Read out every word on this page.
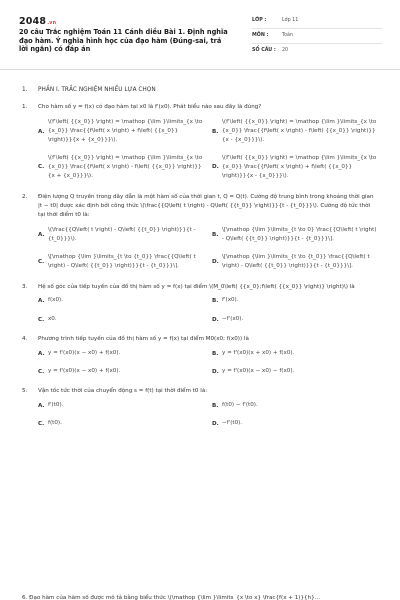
2048.vn
20 câu Trắc nghiệm Toán 11 Cánh diều Bài 1. Định nghĩa đạo hàm. Ý nghĩa hình học của đạo hàm (Đúng-sai, trả lời ngắn) có đáp án
LỚP :	Lớp 11
MÔN :	Toán
SỐ CÂU :	20
1. PHẦN I. TRẮC NGHIỆM NHIỀU LỰA CHỌN
1.	Cho hàm số y = f(x) có đạo hàm tại x0 là f'(x0). Phát biểu nào sau đây là đúng?
A.
\(f'\left( {{x_0}} \right) = \mathop {\lim }\limits_{x \to {x_0}} \frac{{f\left( x \right) + f\left( {{x_0}} \right)}}{x + {x_0}}}\).
B.
\(f'\left( {{x_0}} \right) = \mathop {\lim }\limits_{x \to {x_0}} \frac{{f\left( x \right) - f\left( {{x_0}} \right)}}{x - {x_0}}}\).
C.
\(f'\left( {{x_0}} \right) = \mathop {\lim }\limits_{x \to {x_0}} \frac{{f\left( x \right) - f\left( {{x_0}} \right)}}{x + {x_0}}}\).
D.
\(f'\left( {{x_0}} \right) = \mathop {\lim }\limits_{x \to {x_0}} \frac{{f\left( x \right) + f\left( {{x_0}} \right)}}{x - {x_0}}}\).
2.	Điện lượng Q truyền trong dây dẫn là một hàm số của thời gian t, Q = Q(t). Cường độ trung bình trong khoảng thời gian |t − t0| được xác định bởi công thức \(\frac{{Q\left( t \right) - Q\left( {{t_0}} \right)}}{t - {t_0}}}\). Cường độ tức thời tại thời điểm t0 là:
A.
\(\frac{{Q\left( t \right) - Q\left( {{t_0}} \right)}}{t - {t_0}}}\).
B.
\[\mathop {\lim }\limits_{t \to 0} \frac{{Q\left( t \right) - Q\left( {{t_0}} \right)}}{t - {t_0}}}\].
C.
\[\mathop {\lim }\limits_{t \to {t_0}} \frac{{Q\left( t \right) - Q\left( {{t_0}} \right)}}{t - {t_0}}}\].
D.
\[\mathop {\lim }\limits_{t \to {t_0}} \frac{{Q\left( t \right) - Q\left( {{t_0}} \right)}}{t - {t_0}}}\].
3.	Hệ số góc của tiếp tuyến của đồ thị hàm số y = f(x) tại điểm \(M_0\left( {{x_0};f\left( {{x_0}} \right)} \right)\) là
A. f(x0).	B. f'(x0).
C. x0.	D. −f'(x0).
4.	Phương trình tiếp tuyến của đồ thị hàm số y = f(x) tại điểm M0(x0; f(x0)) là
A. y = f'(x0)(x − x0) + f(x0).	B. y = f'(x0)(x + x0) + f(x0).
C. y = f'(x0)(x − x0) + f(x0).	D. y = f'(x0)(x − x0) − f(x0).
5.	Vận tốc tức thời của chuyển động s = f(t) tại thời điểm t0 là:
A. f'(t0).	B. f(t0) − f'(t0).
C. f(t0).	D. −f'(t0).
6. Đạo hàm của hàm số được mô tả bằng biểu thức \(\mathop {\lim }\limits_{x \to x} \frac{f(x + 1)}{h}...
